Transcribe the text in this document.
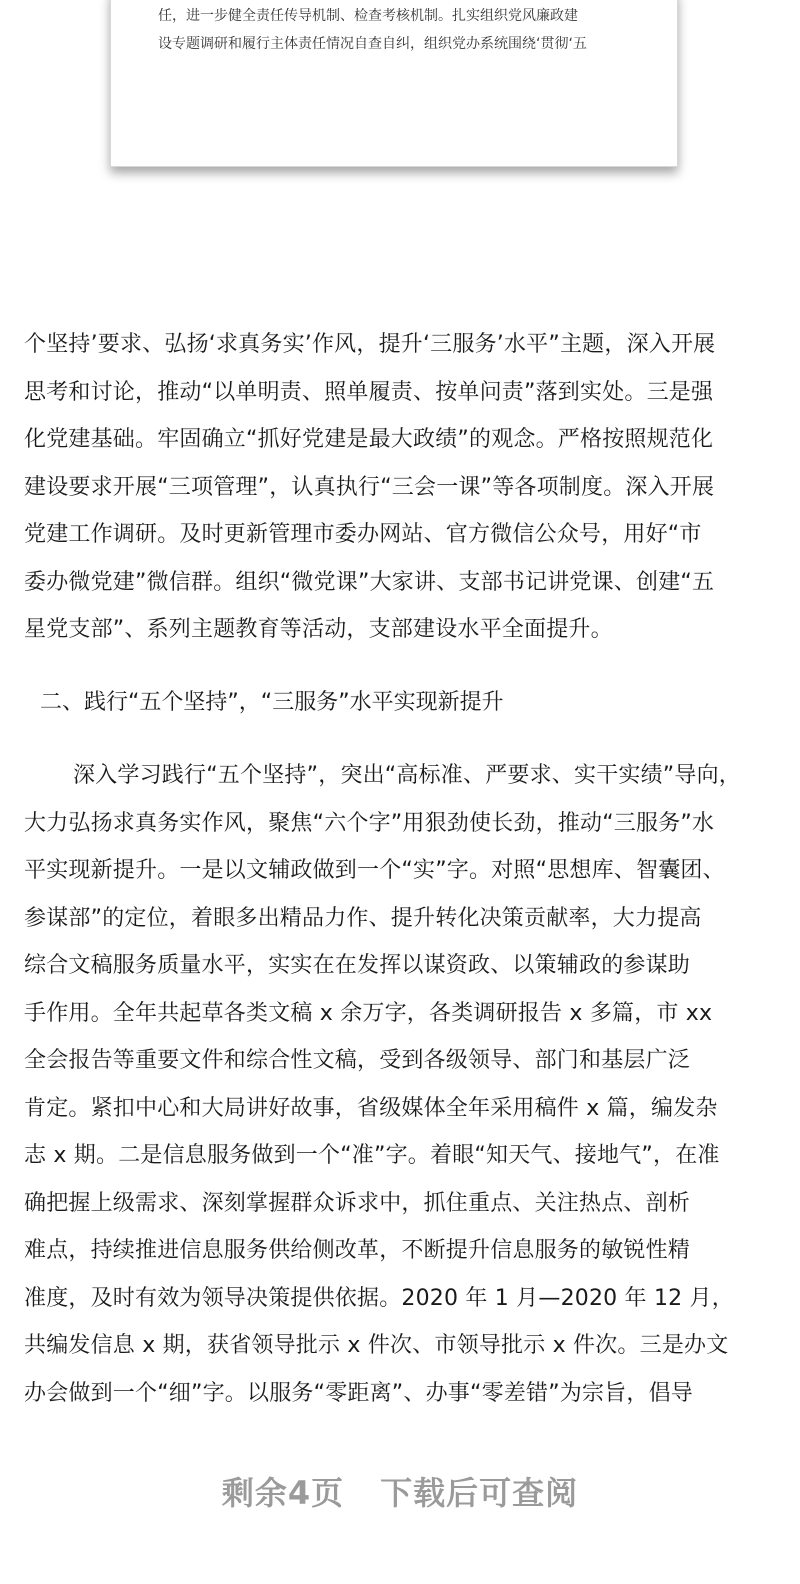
任，进一步健全责任传导机制、检查考核机制。扎实组织党风廉政建
设专题调研和履行主体责任情况自查自纠，组织党办系统围绕‘贯彻‘五
个坚持’要求、弘扬‘求真务实’作风，提升‘三服务’水平”主题，深入开展
思考和讨论，推动“以单明责、照单履责、按单问责”落到实处。三是强
化党建基础。牢固确立“抓好党建是最大政绩”的观念。严格按照规范化
建设要求开展“三项管理”，认真执行“三会一课”等各项制度。深入开展
党建工作调研。及时更新管理市委办网站、官方微信公众号，用好“市
委办微党建”微信群。组织“微党课”大家讲、支部书记讲党课、创建“五
星党支部”、系列主题教育等活动，支部建设水平全面提升。
二、践行“五个坚持”，“三服务”水平实现新提升
深入学习践行“五个坚持”，突出“高标准、严要求、实干实绩”导向，
大力弘扬求真务实作风，聚焦“六个字”用狠劲使长劲，推动“三服务”水
平实现新提升。一是以文辅政做到一个“实”字。对照“思想库、智囊团、
参谋部”的定位，着眼多出精品力作、提升转化决策贡献率，大力提高
综合文稿服务质量水平，实实在在发挥以谋资政、以策辅政的参谋助
手作用。全年共起草各类文稿 x 余万字，各类调研报告 x 多篇，市 xx
全会报告等重要文件和综合性文稿，受到各级领导、部门和基层广泛
肯定。紧扣中心和大局讲好故事，省级媒体全年采用稿件 x 篇，编发杂
志 x 期。二是信息服务做到一个“准”字。着眼“知天气、接地气”，在准
确把握上级需求、深刻掌握群众诉求中，抓住重点、关注热点、剖析
难点，持续推进信息服务供给侧改革，不断提升信息服务的敏锐性精
准度，及时有效为领导决策提供依据。2020 年 1 月—2020 年 12 月，
共编发信息 x 期，获省领导批示 x 件次、市领导批示 x 件次。三是办文
办会做到一个“细”字。以服务“零距离”、办事“零差错”为宗旨，倡导
剩余4页 下载后可查阅
